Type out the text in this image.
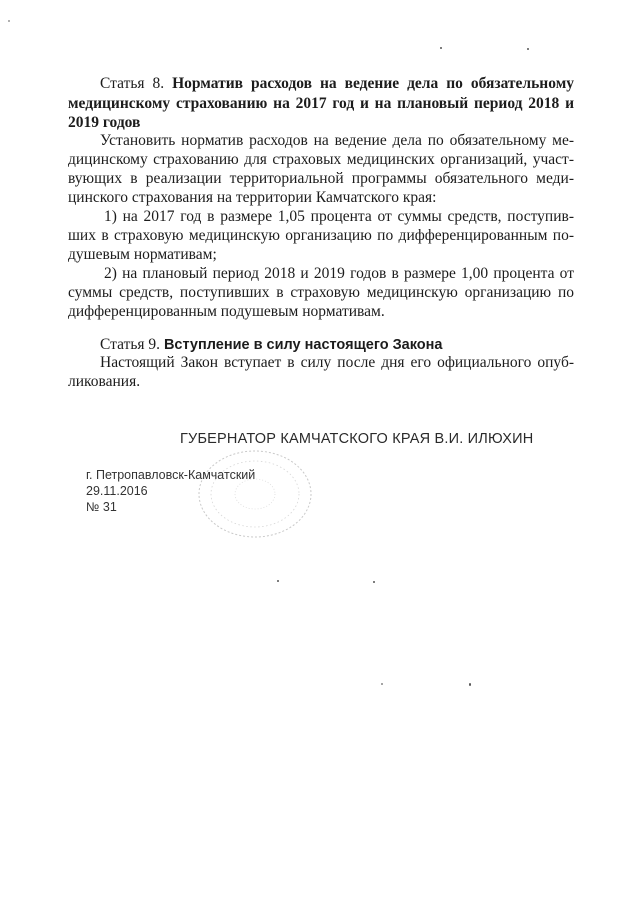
Статья 8. Норматив расходов на ведение дела по обязательному
медицинскому страхованию на 2017 год и на плановый период 2018 и
2019 годов
Установить норматив расходов на ведение дела по обязательному ме-
дицинскому страхованию для страховых медицинских организаций, участ-
вующих в реализации территориальной программы обязательного меди-
цинского страхования на территории Камчатского края:
1) на 2017 год в размере 1,05 процента от суммы средств, поступив-
ших в страховую медицинскую организацию по дифференцированным по-
душевым нормативам;
2) на плановый период 2018 и 2019 годов в размере 1,00 процента от
суммы средств, поступивших в страховую медицинскую организацию по
дифференцированным подушевым нормативам.
Статья 9. Вступление в силу настоящего Закона
Настоящий Закон вступает в силу после дня его официального опуб-
ликования.
ГУБЕРНАТОР КАМЧАТСКОГО КРАЯ В.И. ИЛЮХИН
г. Петропавловск-Камчатский
29.11.2016
№ 31
